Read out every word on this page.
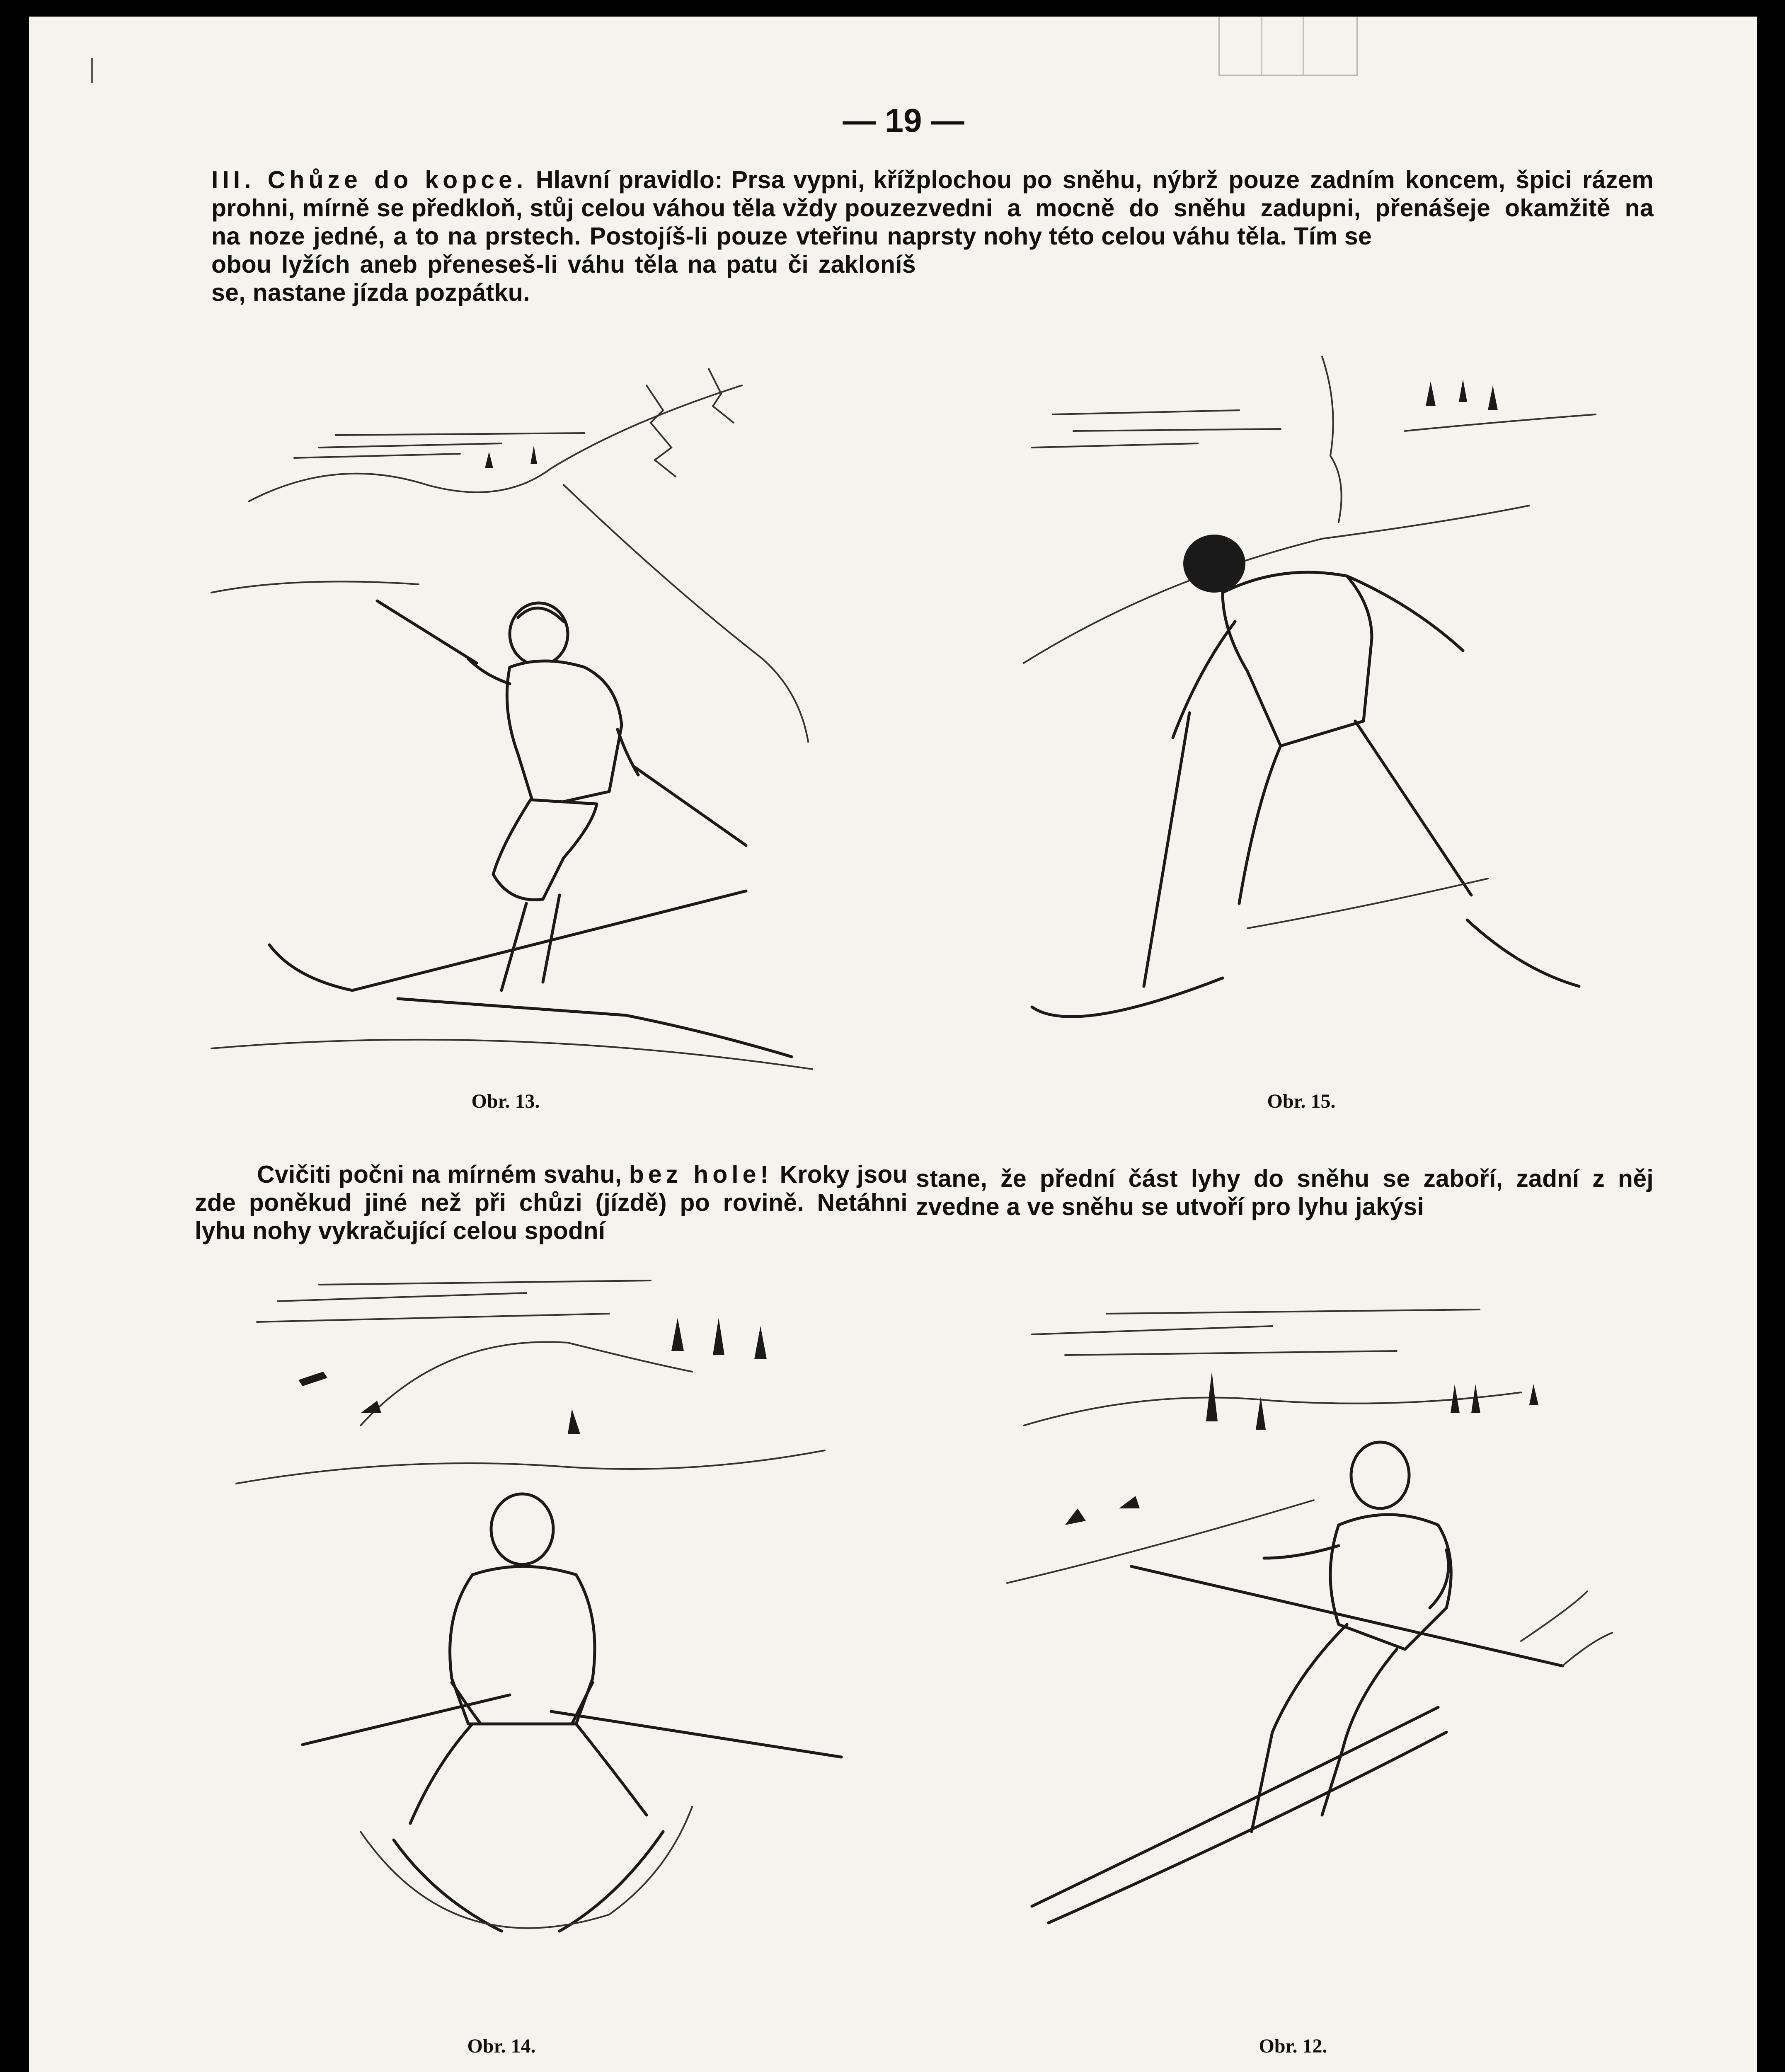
— 19 —

III. Chůze do kopce. Hlavní pravidlo: Prsa vypni, kříž prohni, mírně se předkloň, stůj celou váhou těla vždy pouze na noze jedné, a to na prstech. Postojíš-li pouze vteřinu na obou lyžích aneb přeneseš-li váhu těla na patu či zakloníš se, nastane jízda pozpátku.

plochou po sněhu, nýbrž pouze zadním koncem, špici rázem zvedni a mocně do sněhu zadupni, přenášeje okamžitě na prsty nohy této celou váhu těla. Tím se

Obr. 13.	Obr. 15.

Cvičiti počni na mírném svahu, bez hole! Kroky jsou zde poněkud jiné než při chůzi (jízdě) po rovině. Netáhni lyhu nohy vykračující celou spodní

stane, že přední část lyhy do sněhu se zaboří, zadní z něj zvedne a ve sněhu se utvoří pro lyhu jakýsi

Obr. 14.	Obr. 12.
